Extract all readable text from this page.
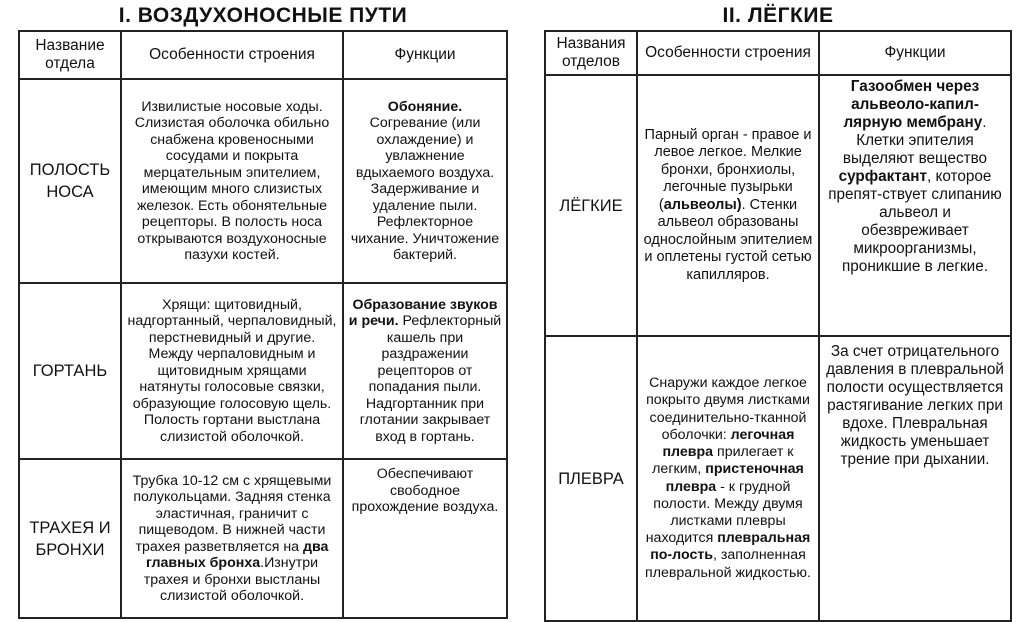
I. ВОЗДУХОНОСНЫЕ ПУТИ
Название отдела	Особенности строения	Функции
ПОЛОСТЬ НОСА	Извилистые носовые ходы. Слизистая оболочка обильно снабжена кровеносными сосудами и покрыта мерцательным эпителием, имеющим много слизистых железок. Есть обонятельные рецепторы. В полость носа открываются воздухоносные пазухи костей.	Обоняние. Согревание (или охлаждение) и увлажнение вдыхаемого воздуха. Задерживание и удаление пыли. Рефлекторное чихание. Уничтожение бактерий.
ГОРТАНЬ	Хрящи: щитовидный, надгортанный, черпаловидный, перстневидный и другие. Между черпаловидным и щитовидным хрящами натянуты голосовые связки, образующие голосовую щель. Полость гортани выстлана слизистой оболочкой.	Образование звуков и речи. Рефлекторный кашель при раздражении рецепторов от попадания пыли. Надгортанник при глотании закрывает вход в гортань.
ТРАХЕЯ И БРОНХИ	Трубка 10-12 см с хрящевыми полукольцами. Задняя стенка эластичная, граничит с пищеводом. В нижней части трахея разветвляется на два главных бронха.Изнутри трахея и бронхи выстланы слизистой оболочкой.	Обеспечивают свободное прохождение воздуха.
II. ЛЁГКИЕ
Названия отделов	Особенности строения	Функции
ЛЁГКИЕ	Парный орган - правое и левое легкое. Мелкие бронхи, бронхиолы, легочные пузырьки (альвеолы). Стенки альвеол образованы однослойным эпителием и оплетены густой сетью капилляров.	Газообмен через альвеоло-капил-лярную мембрану. Клетки эпителия выделяют вещество сурфактант, которое препят-ствует слипанию альвеол и обезвреживает микроорганизмы, проникшие в легкие.
ПЛЕВРА	Снаружи каждое легкое покрыто двумя листками соединительно-тканной оболочки: легочная плевра прилегает к легким, пристеночная плевра - к грудной полости. Между двумя листками плевры находится плевральная по-лость, заполненная плевральной жидкостью.	За счет отрицательного давления в плевральной полости осуществляется растягивание легких при вдохе. Плевральная жидкость уменьшает трение при дыхании.
